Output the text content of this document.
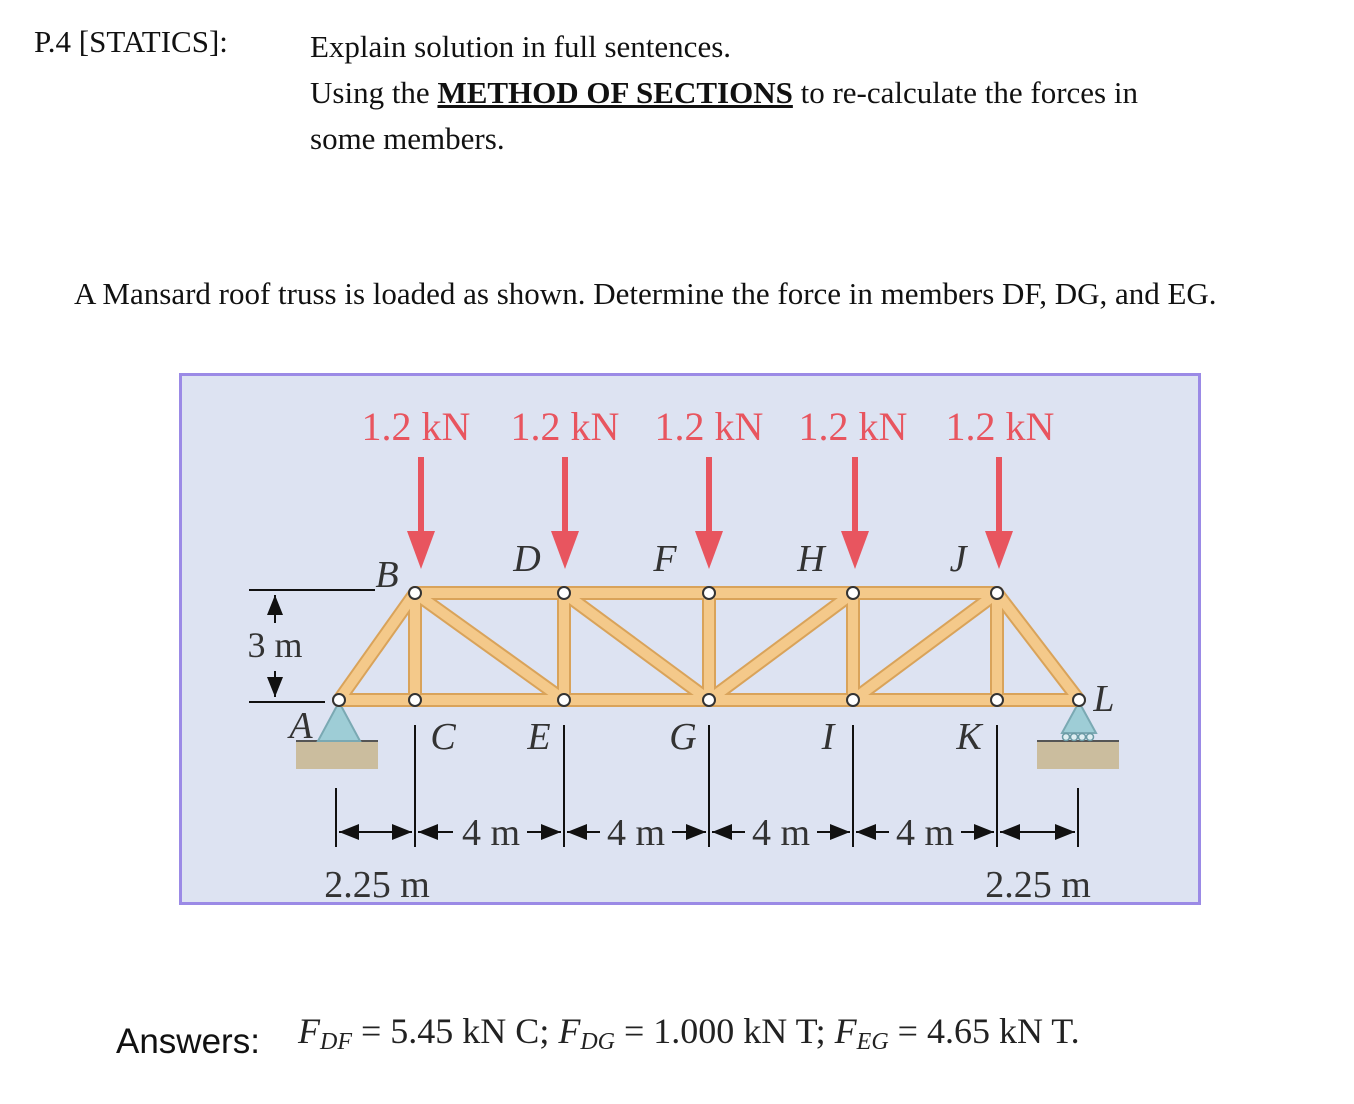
P.4 [STATICS]:	Explain solution in full sentences.
Using the METHOD OF SECTIONS to re-calculate the forces in
some members.
A Mansard roof truss is loaded as shown. Determine the force in members DF, DG, and EG.
1.2 kN 1.2 kN 1.2 kN 1.2 kN 1.2 kN
B	D	F	H	J
A	C E	G	I	K
L
3 m
4 m 4 m 4 m 4 m
2.25 m	2.25 m
Answers: $F_{DF} = 5.45$ kN C; $F_{DG} = 1.000$ kN T; $F_{EG} = 4.65$ kN T.
